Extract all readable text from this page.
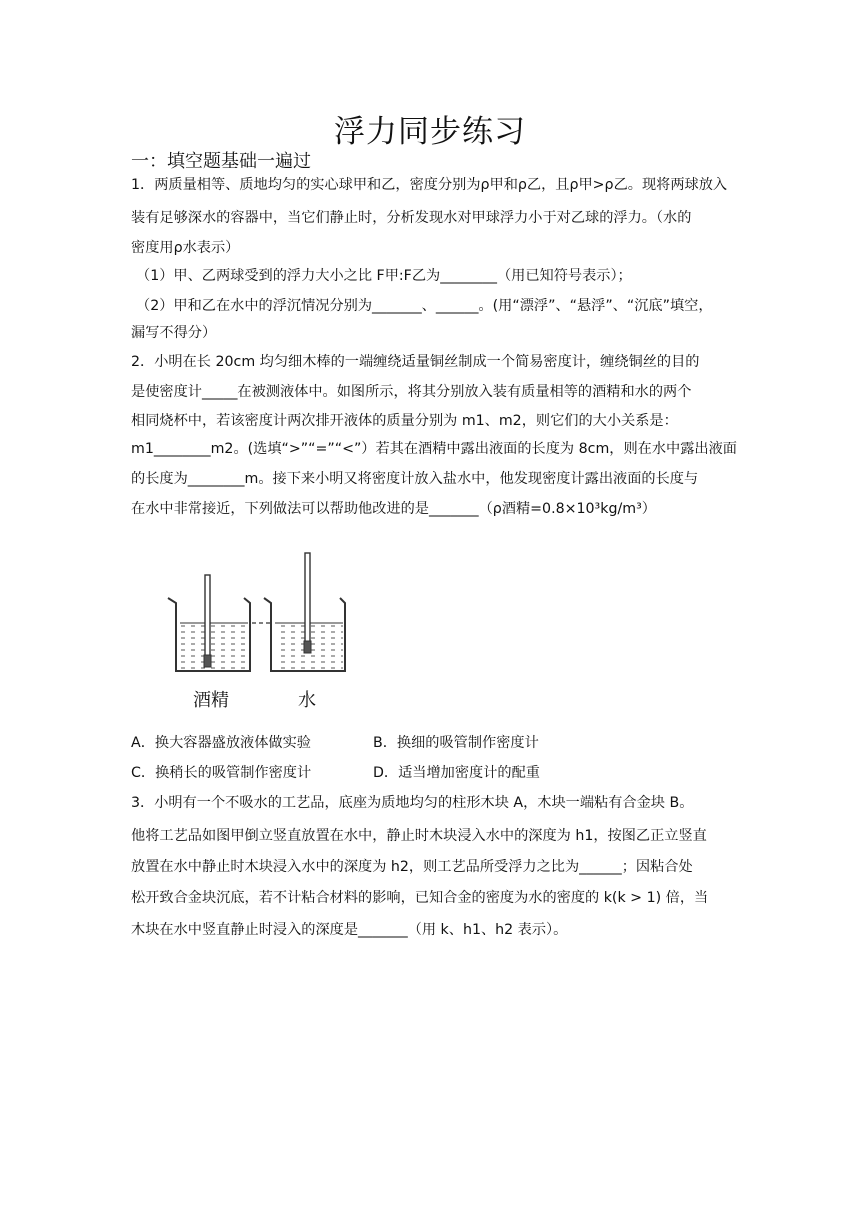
浮力同步练习
一：填空题基础一遍过
1．两质量相等、质地均匀的实心球甲和乙，密度分别为ρ甲和ρ乙，且ρ甲>ρ乙。现将两球放入
装有足够深水的容器中，当它们静止时，分析发现水对甲球浮力小于对乙球的浮力。（水的
密度用ρ水表示）
（1）甲、乙两球受到的浮力大小之比 F甲:F乙为________（用已知符号表示）；
（2）甲和乙在水中的浮沉情况分别为_______、______。(用“漂浮”、“悬浮”、“沉底”填空，
漏写不得分）
2．小明在长 20cm 均匀细木棒的一端缠绕适量铜丝制成一个简易密度计，缠绕铜丝的目的
是使密度计_____在被测液体中。如图所示，将其分别放入装有质量相等的酒精和水的两个
相同烧杯中，若该密度计两次排开液体的质量分别为 m1、m2，则它们的大小关系是：
m1________m2。(选填“>”“=”“<”）若其在酒精中露出液面的长度为 8cm，则在水中露出液面
的长度为________m。接下来小明又将密度计放入盐水中，他发现密度计露出液面的长度与
在水中非常接近，下列做法可以帮助他改进的是_______（ρ酒精=0.8×10³kg/m³）
酒精	水
A．换大容器盛放液体做实验	B．换细的吸管制作密度计
C．换稍长的吸管制作密度计	D．适当增加密度计的配重
3．小明有一个不吸水的工艺品，底座为质地均匀的柱形木块 A，木块一端粘有合金块 B。
他将工艺品如图甲倒立竖直放置在水中，静止时木块浸入水中的深度为 h1，按图乙正立竖直
放置在水中静止时木块浸入水中的深度为 h2，则工艺品所受浮力之比为______；因粘合处
松开致合金块沉底，若不计粘合材料的影响，已知合金的密度为水的密度的 k(k > 1) 倍，当
木块在水中竖直静止时浸入的深度是_______（用 k、h1、h2 表示）。
